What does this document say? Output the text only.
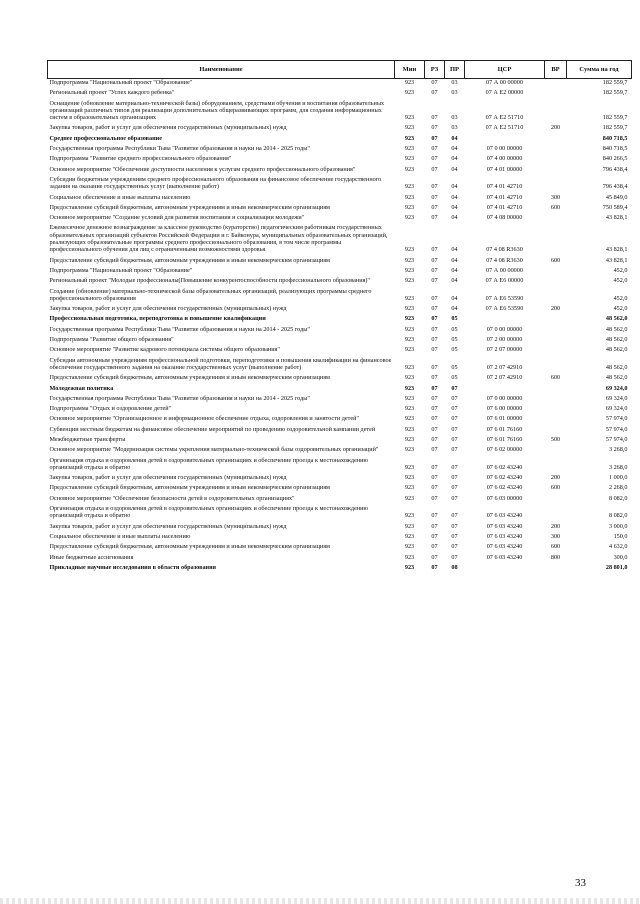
Наименование	Мин	РЗ	ПР	ЦСР	ВР	Сумма на год
Подпрограмма "Национальный проект "Образование"	923	07	03	07 А 00 00000		182 559,7

Региональный проект "Успех каждого ребенка"	923	07	03	07 А Е2 00000		182 559,7

Оснащение (обновление материально-технической базы) оборудованием, средствами обучения и воспитания образовательных организаций различных типов для реализации дополнительных общеразвивающих программ, для создания информационных систем в образовательных организациях	923	07	03	07 А Е2 51710		182 559,7

Закупка товаров, работ и услуг для обеспечения государственных (муниципальных) нужд	923	07	03	07 А Е2 51710	200	182 559,7

Среднее профессиональное образование	923	07	04			840 718,5

Государственная программа Республики Тыва "Развитие образования и науки на 2014 - 2025 годы"	923	07	04	07 0 00 00000		840 718,5

Подпрограмма "Развитие среднего профессионального образования"	923	07	04	07 4 00 00000		840 266,5

Основное мероприятие "Обеспечение доступности населения к услугам среднего профессионального образования"	923	07	04	07 4 01 00000		796 438,4

Субсидии бюджетным учреждениям среднего профессионального образования на финансовое обеспечение государственного задания на оказание государственных услуг (выполнение работ)	923	07	04	07 4 01 42710		796 438,4

Социальное обеспечение и иные выплаты населению	923	07	04	07 4 01 42710	300	45 849,0

Предоставление субсидий бюджетным, автономным учреждениям и иным некоммерческим организациям	923	07	04	07 4 01 42710	600	750 589,4

Основное мероприятие "Создание условий для развития воспитания и социализации молодежи"	923	07	04	07 4 08 00000		43 828,1

Ежемесячное денежное вознаграждение за классное руководство (кураторство) педагогическим работникам государственных образовательных организаций субъектов Российской Федерации и г. Байконура, муниципальных образовательных организаций, реализующих образовательные программы среднего профессионального образования, в том числе программы профессионального обучения для лиц с ограниченными возможностями здоровья	923	07	04	07 4 08 R3630		43 828,1

Предоставление субсидий бюджетным, автономным учреждениям и иным некоммерческим организациям	923	07	04	07 4 08 R3630	600	43 828,1

Подпрограмма "Национальный проект "Образование"	923	07	04	07 А 00 00000		452,0

Региональный проект "Молодые профессионалы(Повышение конкурентоспособности профессионального образования)"	923	07	04	07 А Е6 00000		452,0

Создание (обновление) материально-технической базы образовательных организаций, реализующих программы среднего профессионального образования	923	07	04	07 А Е6 53590		452,0

Закупка товаров, работ и услуг для обеспечения государственных (муниципальных) нужд	923	07	04	07 А Е6 53590	200	452,0

Профессиональная подготовка, переподготовка и повышение квалификации	923	07	05			48 562,0

Государственная программа Республики Тыва "Развитие образования и науки на 2014 - 2025 годы"	923	07	05	07 0 00 00000		48 562,0

Подпрограмма "Развитие общего образования"	923	07	05	07 2 00 00000		48 562,0

Основное мероприятие "Развитие кадрового потенциала системы общего образования"	923	07	05	07 2 07 00000		48 562,0

Субсидии автономным учреждениям профессиональной подготовки, переподготовки и повышения квалификации на финансовое обеспечение государственного задания на оказание государственных услуг (выполнение работ)	923	07	05	07 2 07 42910		48 562,0

Предоставление субсидий бюджетным, автономным учреждениям и иным некоммерческим организациям	923	07	05	07 2 07 42910	600	48 562,0

Молодежная политика	923	07	07			69 324,0

Государственная программа Республики Тыва "Развитие образования и науки на 2014 - 2025 годы"	923	07	07	07 0 00 00000		69 324,0

Подпрограмма "Отдых и оздоровление детей"	923	07	07	07 6 00 00000		69 324,0

Основное мероприятие "Организационное и информационное обеспечение отдыха, оздоровления и занятости детей"	923	07	07	07 6 01 00000		57 974,0

Субвенции местным бюджетам на финансовое обеспечение мероприятий по проведению оздоровительной кампании детей	923	07	07	07 6 01 76160		57 974,0

Межбюджетные трансферты	923	07	07	07 6 01 76160	500	57 974,0

Основное мероприятие "Модернизация системы укрепления материально-технической базы оздоровительных организаций"	923	07	07	07 6 02 00000		3 268,0

Организация отдыха и оздоровления детей в оздоровительных организациях и обеспечение проезда к местонахождению организаций отдыха и обратно	923	07	07	07 6 02 43240		3 268,0

Закупка товаров, работ и услуг для обеспечения государственных (муниципальных) нужд	923	07	07	07 6 02 43240	200	1 000,0

Предоставление субсидий бюджетным, автономным учреждениям и иным некоммерческим организациям	923	07	07	07 6 02 43240	600	2 268,0

Основное мероприятие "Обеспечение безопасности детей в оздоровительных организациях"	923	07	07	07 6 03 00000		8 082,0

Организация отдыха и оздоровления детей в оздоровительных организациях и обеспечение проезда к местонахождению организаций отдыха и обратно	923	07	07	07 6 03 43240		8 082,0

Закупка товаров, работ и услуг для обеспечения государственных (муниципальных) нужд	923	07	07	07 6 03 43240	200	3 000,0

Социальное обеспечение и иные выплаты населению	923	07	07	07 6 03 43240	300	150,0

Предоставление субсидий бюджетным, автономным учреждениям и иным некоммерческим организациям	923	07	07	07 6 03 43240	600	4 632,0

Иные бюджетные ассигнования	923	07	07	07 6 03 43240	800	300,0

Прикладные научные исследования в области образования	923	07	08			28 801,0

33
